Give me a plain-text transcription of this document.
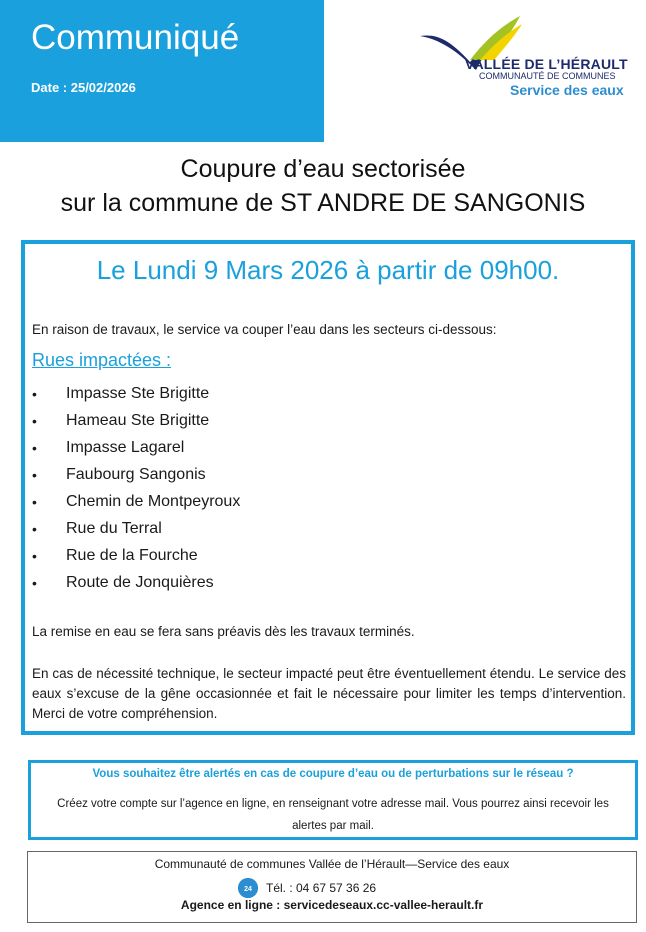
Communiqué
Date : 25/02/2026
VALLÉE DE L’HÉRAULT
COMMUNAUTÉ DE COMMUNES
Service des eaux
Coupure d’eau sectorisée
sur la commune de ST ANDRE DE SANGONIS
Le Lundi 9 Mars 2026 à partir de 09h00.
En raison de travaux, le service va couper l’eau dans les secteurs ci-dessous:
Rues impactées :
•	Impasse Ste Brigitte
•	Hameau Ste Brigitte
•	Impasse Lagarel
•	Faubourg Sangonis
•	Chemin de Montpeyroux
•	Rue du Terral
•	Rue de la Fourche
•	Route de Jonquières
La remise en eau se fera sans préavis dès les travaux terminés.
En cas de nécessité technique, le secteur impacté peut être éventuellement étendu. Le service des eaux s’excuse de la gêne occasionnée et fait le nécessaire pour limiter les temps d’intervention. Merci de votre compréhension.
Vous souhaitez être alertés en cas de coupure d’eau ou de perturbations sur le réseau ?
Créez votre compte sur l’agence en ligne, en renseignant votre adresse mail. Vous pourrez ainsi recevoir les alertes par mail.
Communauté de communes Vallée de l’Hérault—Service des eaux
24 Tél. : 04 67 57 36 26
Agence en ligne : servicedeseaux.cc-vallee-herault.fr
